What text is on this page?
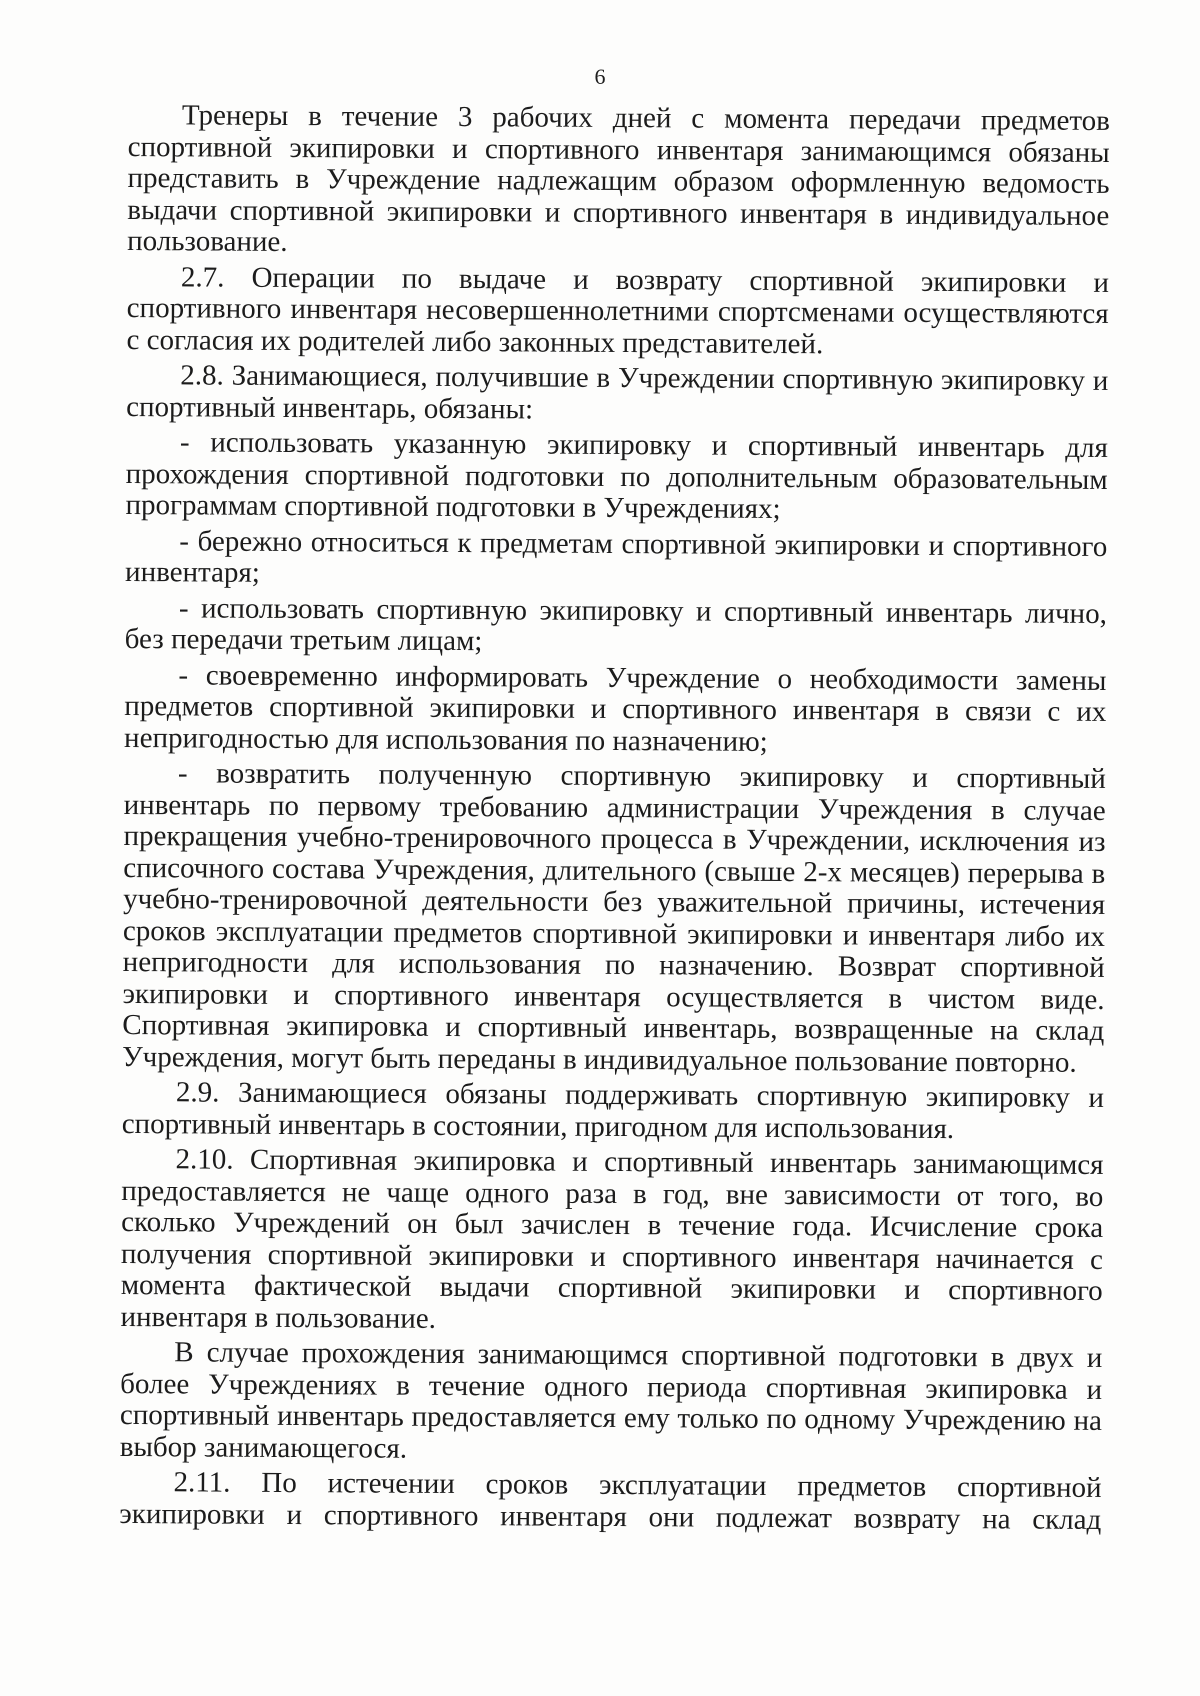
6

Тренеры в течение 3 рабочих дней с момента передачи предметов спортивной экипировки и спортивного инвентаря занимающимся обязаны представить в Учреждение надлежащим образом оформленную ведомость выдачи спортивной экипировки и спортивного инвентаря в индивидуальное пользование.

2.7. Операции по выдаче и возврату спортивной экипировки и спортивного инвентаря несовершеннолетними спортсменами осуществляются с согласия их родителей либо законных представителей.

2.8. Занимающиеся, получившие в Учреждении спортивную экипировку и спортивный инвентарь, обязаны:

- использовать указанную экипировку и спортивный инвентарь для прохождения спортивной подготовки по дополнительным образовательным программам спортивной подготовки в Учреждениях;

- бережно относиться к предметам спортивной экипировки и спортивного инвентаря;

- использовать спортивную экипировку и спортивный инвентарь лично, без передачи третьим лицам;

- своевременно информировать Учреждение о необходимости замены предметов спортивной экипировки и спортивного инвентаря в связи с их непригодностью для использования по назначению;

- возвратить полученную спортивную экипировку и спортивный инвентарь по первому требованию администрации Учреждения в случае прекращения учебно-тренировочного процесса в Учреждении, исключения из списочного состава Учреждения, длительного (свыше 2-х месяцев) перерыва в учебно-тренировочной деятельности без уважительной причины, истечения сроков эксплуатации предметов спортивной экипировки и инвентаря либо их непригодности для использования по назначению. Возврат спортивной экипировки и спортивного инвентаря осуществляется в чистом виде. Спортивная экипировка и спортивный инвентарь, возвращенные на склад Учреждения, могут быть переданы в индивидуальное пользование повторно.

2.9. Занимающиеся обязаны поддерживать спортивную экипировку и спортивный инвентарь в состоянии, пригодном для использования.

2.10. Спортивная экипировка и спортивный инвентарь занимающимся предоставляется не чаще одного раза в год, вне зависимости от того, во сколько Учреждений он был зачислен в течение года. Исчисление срока получения спортивной экипировки и спортивного инвентаря начинается с момента фактической выдачи спортивной экипировки и спортивного инвентаря в пользование.

В случае прохождения занимающимся спортивной подготовки в двух и более Учреждениях в течение одного периода спортивная экипировка и спортивный инвентарь предоставляется ему только по одному Учреждению на выбор занимающегося.

2.11. По истечении сроков эксплуатации предметов спортивной экипировки и спортивного инвентаря они подлежат возврату на склад
